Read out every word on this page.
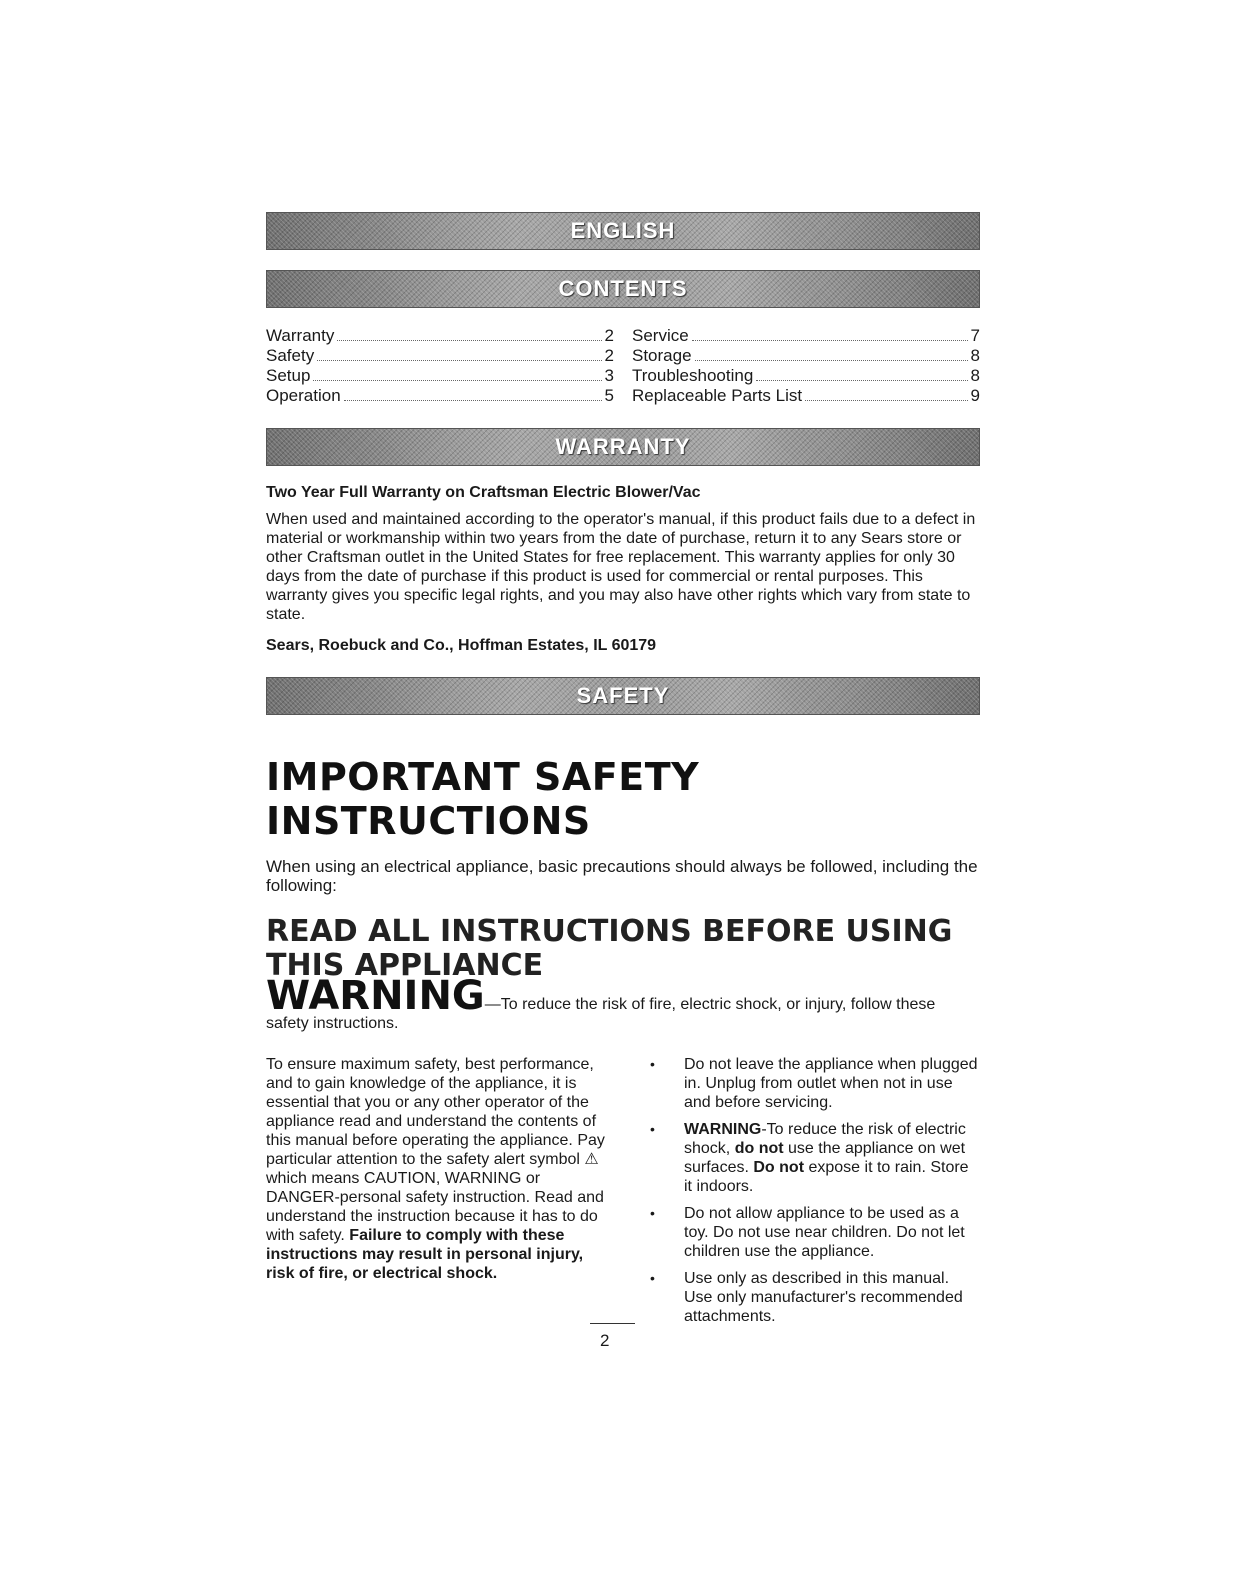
ENGLISH
CONTENTS
Warranty	2
Safety	2
Setup	3
Operation	5
Service	7
Storage	8
Troubleshooting	8
Replaceable Parts List	9
WARRANTY

Two Year Full Warranty on Craftsman Electric Blower/Vac

When used and maintained according to the operator's manual, if this product fails due to a defect in material or workmanship within two years from the date of purchase, return it to any Sears store or other Craftsman outlet in the United States for free replacement. This warranty applies for only 30 days from the date of purchase if this product is used for commercial or rental purposes. This warranty gives you specific legal rights, and you may also have other rights which vary from state to state.

Sears, Roebuck and Co., Hoffman Estates, IL 60179

SAFETY
IMPORTANT SAFETY INSTRUCTIONS

When using an electrical appliance, basic precautions should always be followed, including the following:

READ ALL INSTRUCTIONS BEFORE USING THIS APPLIANCE

WARNING—To reduce the risk of fire, electric shock, or injury, follow these safety instructions.

To ensure maximum safety, best performance, and to gain knowledge of the appliance, it is essential that you or any other operator of the appliance read and understand the contents of this manual before operating the appliance. Pay particular attention to the safety alert symbol ⚠ which means CAUTION, WARNING or DANGER-personal safety instruction. Read and understand the instruction because it has to do with safety. Failure to comply with these instructions may result in personal injury, risk of fire, or electrical shock.
• Do not leave the appliance when plugged in. Unplug from outlet when not in use and before servicing.
• WARNING-To reduce the risk of electric shock, do not use the appliance on wet surfaces. Do not expose it to rain. Store it indoors.
• Do not allow appliance to be used as a toy. Do not use near children. Do not let children use the appliance.
• Use only as described in this manual. Use only manufacturer's recommended attachments.
2
